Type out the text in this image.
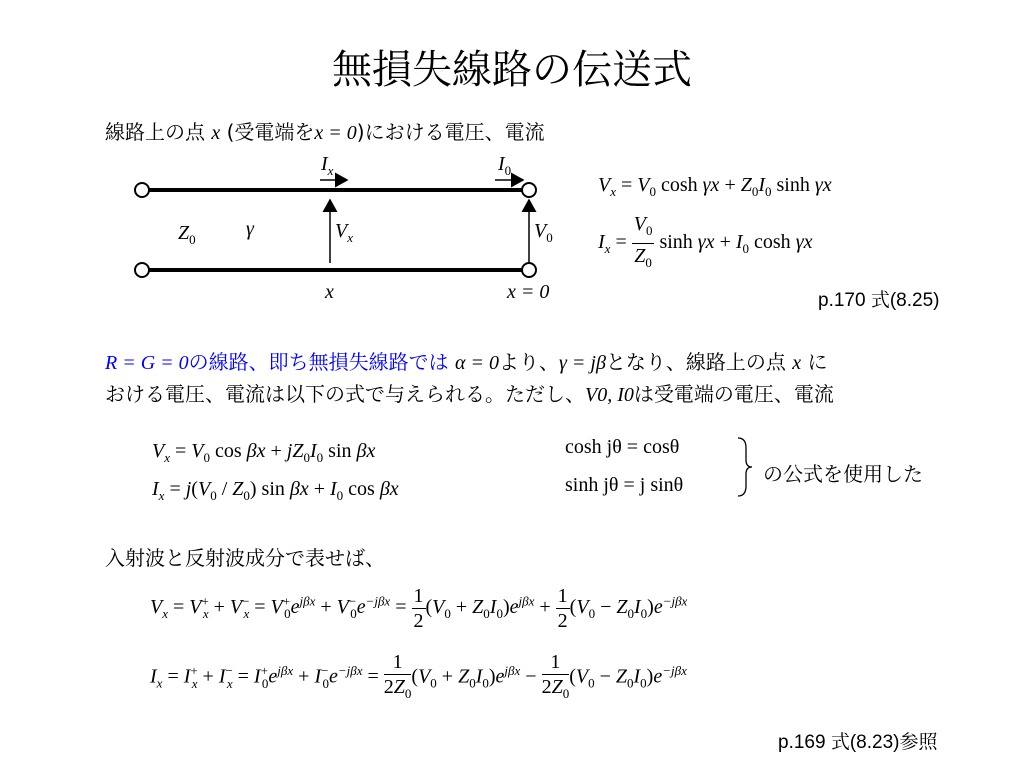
無損失線路の伝送式
線路上の点 x (受電端をx = 0)における電圧、電流
$I_x$	$I_0$
$Z_0$	γ	$V_x$	$V_0$
x	x = 0
$V_x = V_0$ $\cosh \gamma x + Z_0I_0$ sinh γx
$I_x = \frac{V_0}{Z_0}$ $\sinh \gamma x + I_0$ cosh γx
p.170 式(8.25)
R = G = 0の線路、即ち無損失線路では α = 0より、γ = jβとなり、線路上の点 x に
おける電圧、電流は以下の式で与えられる。ただし、V0, I0は受電端の電圧、電流
$V_x = V_0$ $\cos \beta x + jZ_0I_0$ sin βx
$I_x = j(V_0 / Z_0)$ $\sin \beta x + I_0$ cos βx
cosh jθ = cosθ
sinh jθ = j sinθ	の公式を使用した
入射波と反射波成分で表せば、
$V_x = V^+_x + V^-_x = V^+_0e^{j\beta x} + V^-_0e^{-j\beta x} = \frac{1}{2} (V_0 + Z_0I_0)e^{j\beta x} + \frac{1}{2} (V_0 - Z_0I_0)e^{-j\beta x}$
$I_x = I^+_x + I^-_x = I^+_0e^{j\beta x} + I^-_0e^{-j\beta x} = \frac{1}{2Z_0} (V_0 + Z_0I_0)e^{j\beta x} - \frac{1}{2Z_0} (V_0 - Z_0I_0)e^{-j\beta x}$
p.169 式(8.23)参照
